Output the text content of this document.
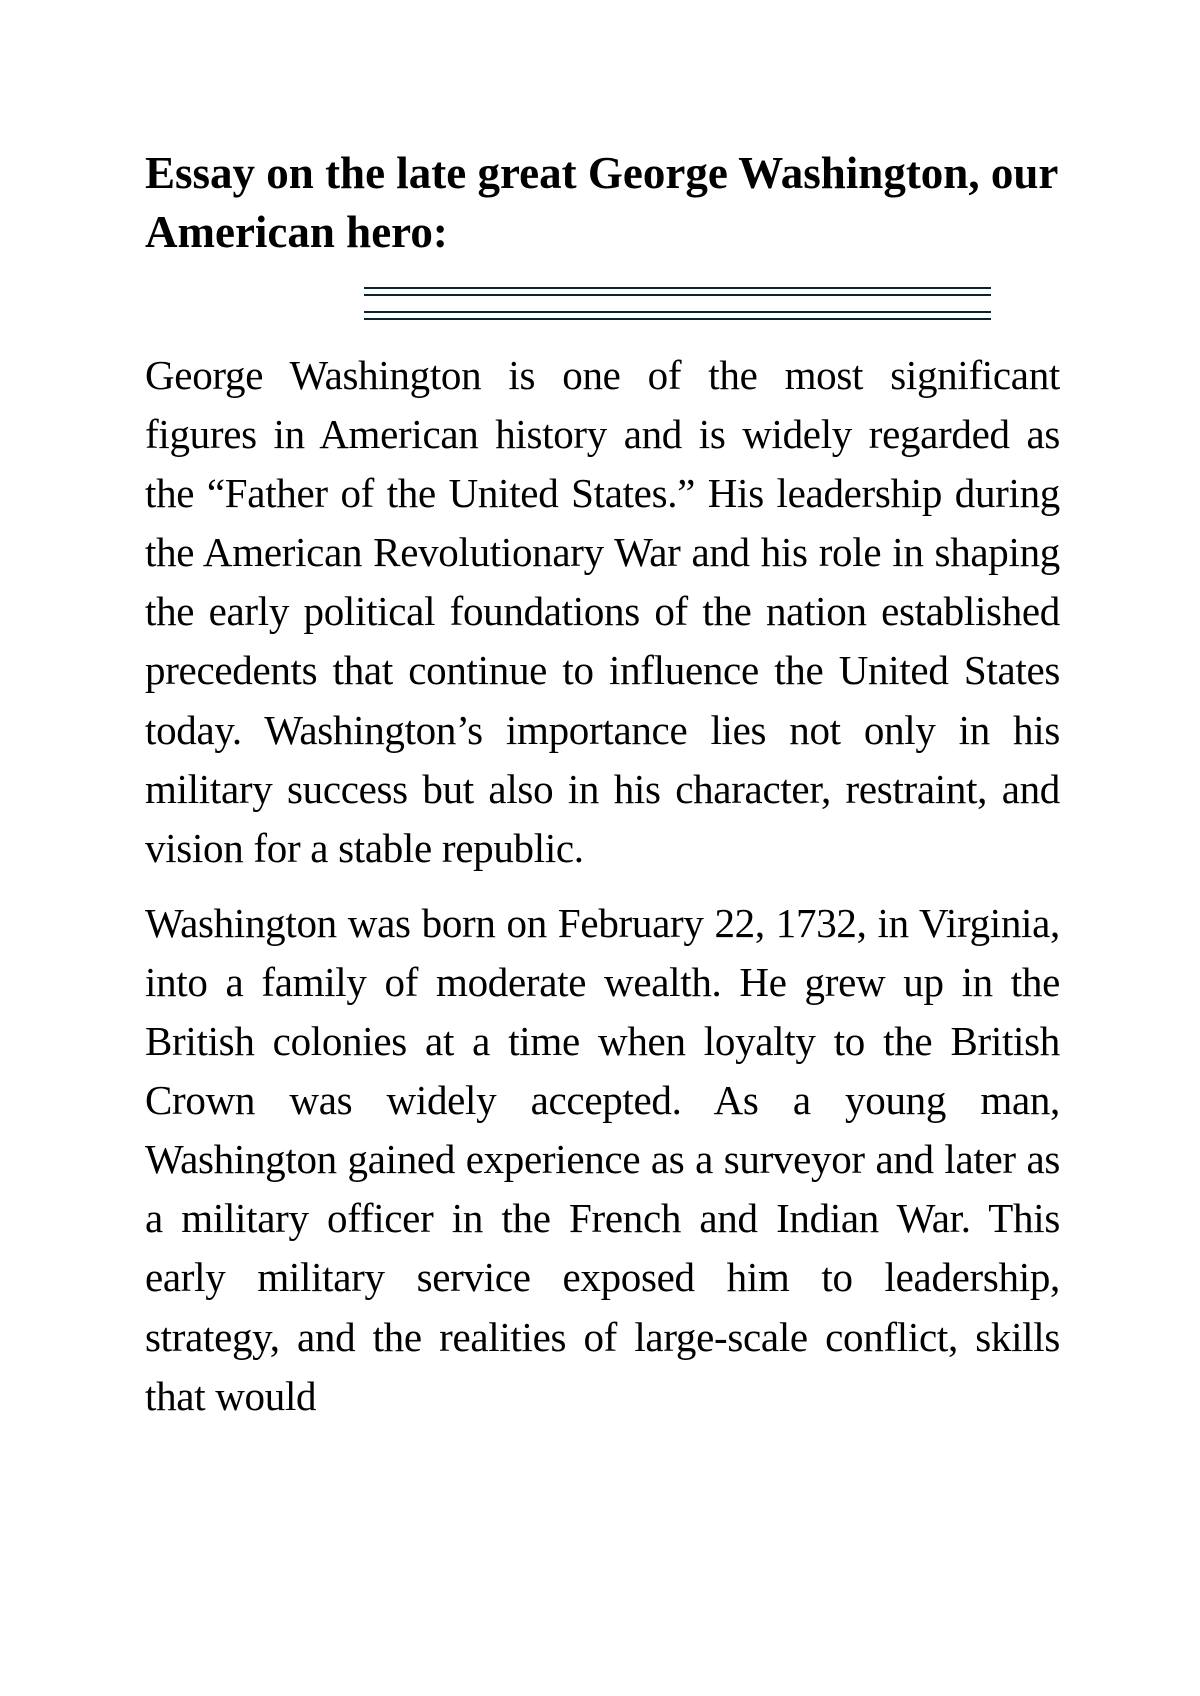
Essay on the late great George Washington, our American hero:

George Washington is one of the most significant figures in American history and is widely regarded as the “Father of the United States.” His leadership during the American Revolutionary War and his role in shaping the early political foundations of the nation established precedents that continue to influence the United States today. Washington’s importance lies not only in his military success but also in his character, restraint, and vision for a stable republic.

Washington was born on February 22, 1732, in Virginia, into a family of moderate wealth. He grew up in the British colonies at a time when loyalty to the British Crown was widely accepted. As a young man, Washington gained experience as a surveyor and later as a military officer in the French and Indian War. This early military service exposed him to leadership, strategy, and the realities of large-scale conflict, skills that would
